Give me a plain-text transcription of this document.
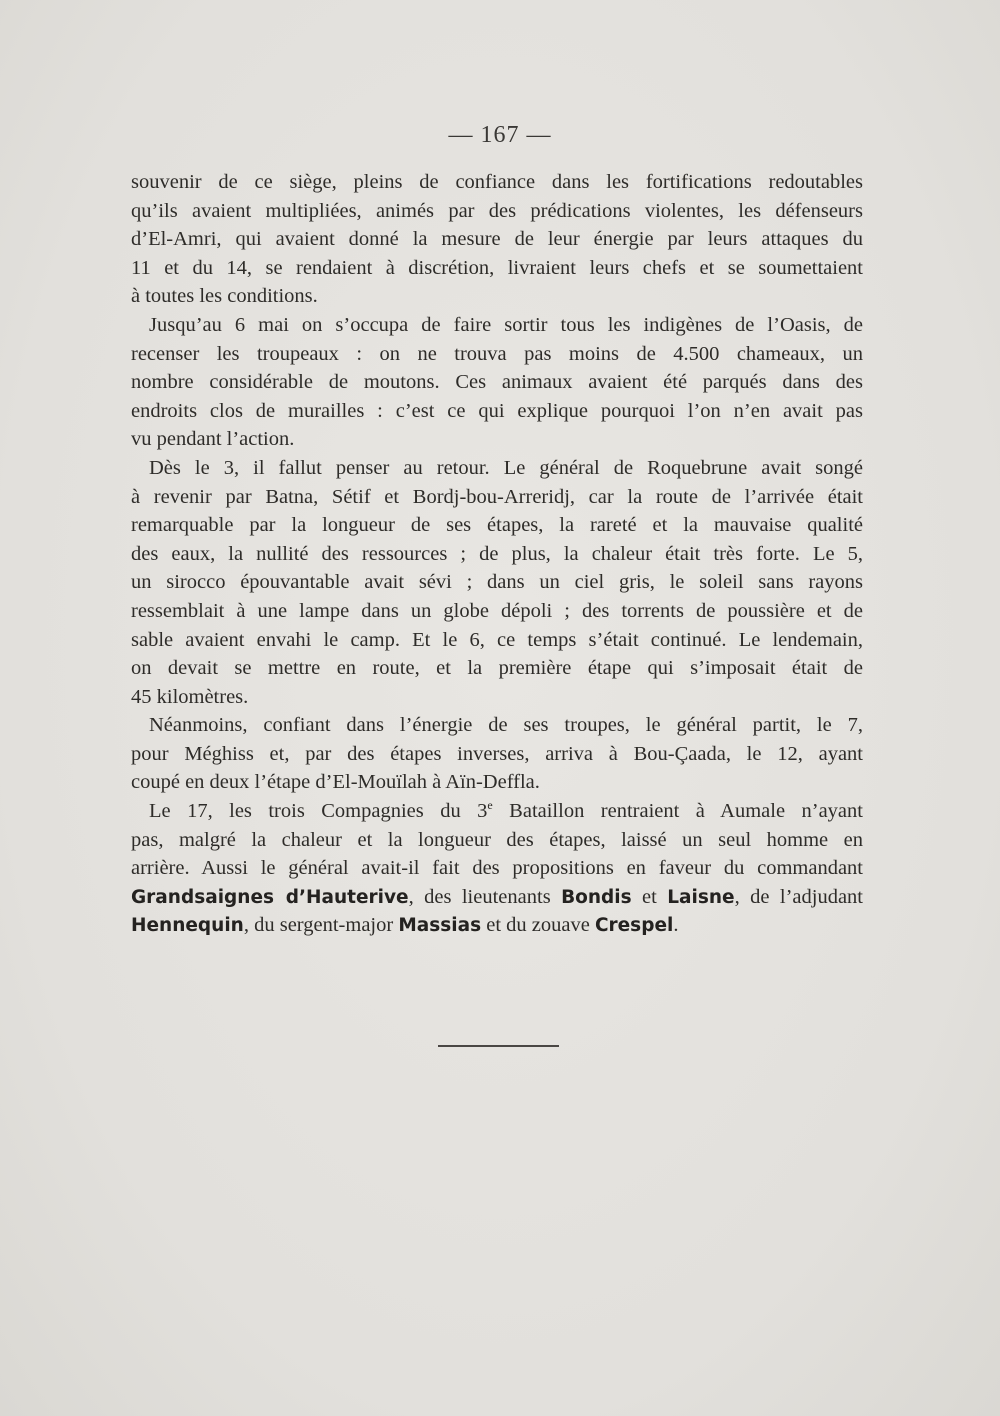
— 167 —
souvenir de ce siège, pleins de confiance dans les fortifications redoutables
qu’ils avaient multipliées, animés par des prédications violentes, les défenseurs
d’El-Amri, qui avaient donné la mesure de leur énergie par leurs attaques du
11 et du 14, se rendaient à discrétion, livraient leurs chefs et se soumettaient
à toutes les conditions.
Jusqu’au 6 mai on s’occupa de faire sortir tous les indigènes de l’Oasis, de
recenser les troupeaux : on ne trouva pas moins de 4.500 chameaux, un
nombre considérable de moutons. Ces animaux avaient été parqués dans des
endroits clos de murailles : c’est ce qui explique pourquoi l’on n’en avait pas
vu pendant l’action.
Dès le 3, il fallut penser au retour. Le général de Roquebrune avait songé
à revenir par Batna, Sétif et Bordj-bou-Arreridj, car la route de l’arrivée était
remarquable par la longueur de ses étapes, la rareté et la mauvaise qualité
des eaux, la nullité des ressources ; de plus, la chaleur était très forte. Le 5,
un sirocco épouvantable avait sévi ; dans un ciel gris, le soleil sans rayons
ressemblait à une lampe dans un globe dépoli ; des torrents de poussière et de
sable avaient envahi le camp. Et le 6, ce temps s’était continué. Le lendemain,
on devait se mettre en route, et la première étape qui s’imposait était de
45 kilomètres.
Néanmoins, confiant dans l’énergie de ses troupes, le général partit, le 7,
pour Méghiss et, par des étapes inverses, arriva à Bou-Çaada, le 12, ayant
coupé en deux l’étape d’El-Mouïlah à Aïn-Deffla.
Le 17, les trois Compagnies du 3e Bataillon rentraient à Aumale n’ayant
pas, malgré la chaleur et la longueur des étapes, laissé un seul homme en
arrière. Aussi le général avait-il fait des propositions en faveur du commandant
Grandsaignes d’Hauterive, des lieutenants Bondis et Laisne, de l’adjudant
Hennequin, du sergent-major Massias et du zouave Crespel.
